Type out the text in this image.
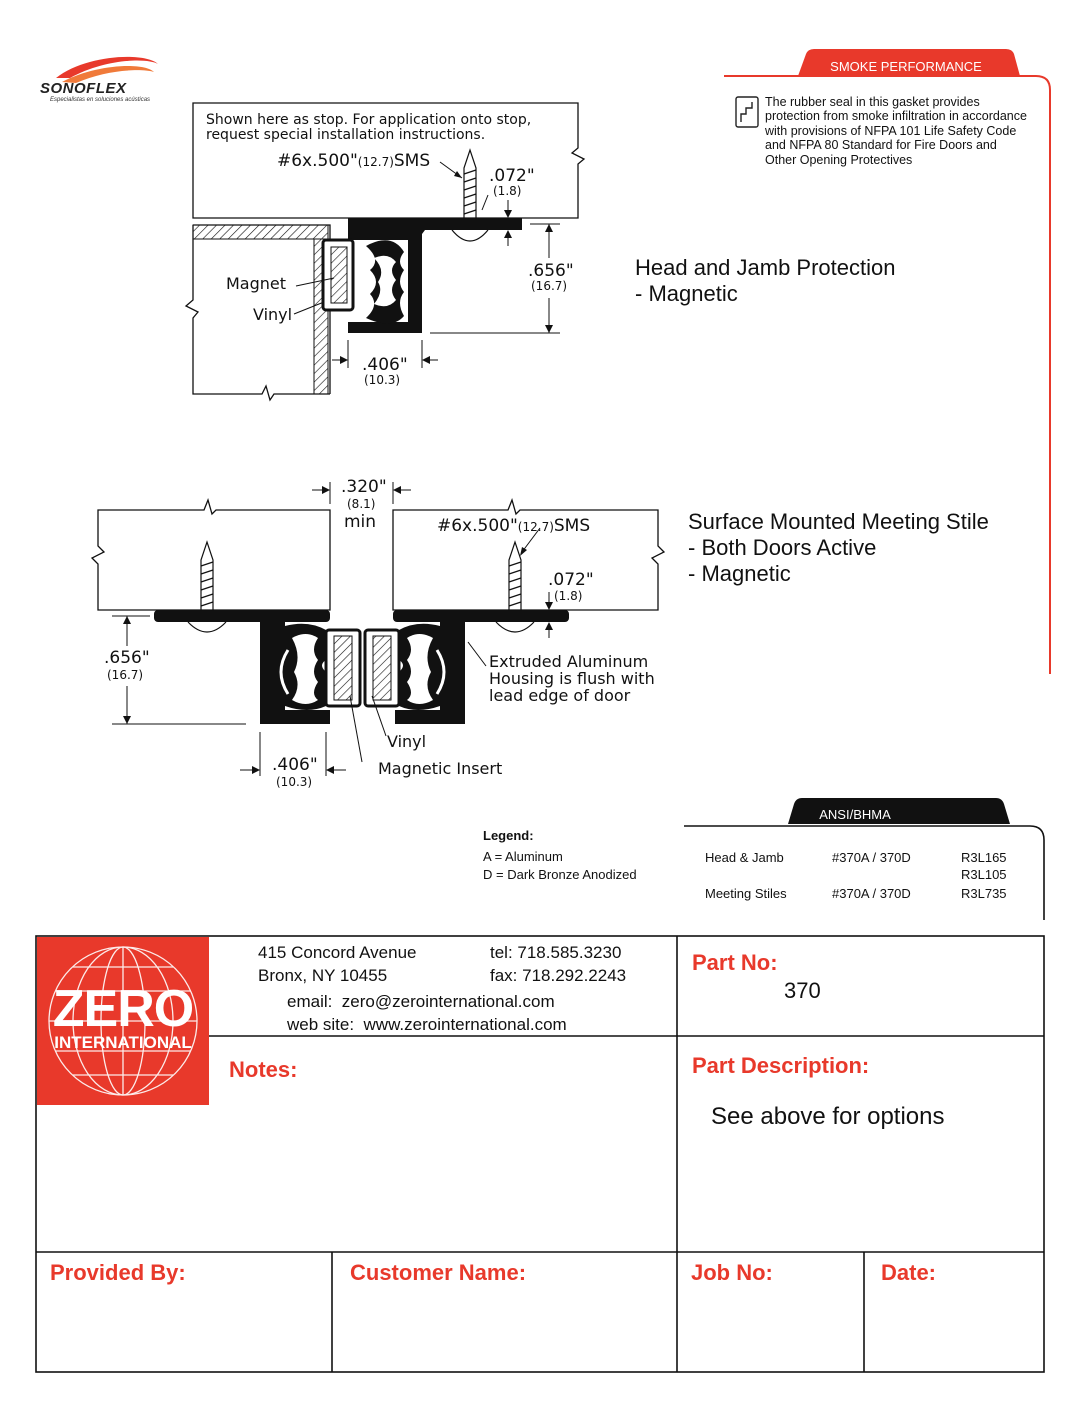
SONOFLEX
Especialistas en soluciones acústicas
SMOKE PERFORMANCE
The rubber seal in this gasket provides
protection from smoke infiltration in accordance
with provisions of NFPA 101 Life Safety Code
and NFPA 80 Standard for Fire Doors and
Other Opening Protectives
Shown here as stop. For application onto stop,
request special installation instructions.
#6x.500"(12.7)SMS
.072"
(1.8)
.656"
(16.7)
.406"
(10.3)
Magnet
Vinyl
Head and Jamb Protection
- Magnetic
.320"
(8.1)
min	#6x.500"(12.7)SMS
.072"
(1.8)
.656"
(16.7)
.406"
(10.3)
Extruded Aluminum
Housing is flush with
lead edge of door
Vinyl
Magnetic Insert
Surface Mounted Meeting Stile
- Both Doors Active
- Magnetic
Legend:
A = Aluminum
D = Dark Bronze Anodized
ANSI/BHMA
Head & Jamb	#370A / 370D	R3L165
R3L105
Meeting Stiles	#370A / 370D	R3L735
ZERO
INTERNATIONAL
415 Concord Avenue
Bronx, NY 10455
tel: 718.585.3230
fax: 718.292.2243
email:  zero@zerointernational.com
web site:  www.zerointernational.com
Part No:
370
Notes:	Part Description:
See above for options
Provided By:	Customer Name:	Job No:	Date:
